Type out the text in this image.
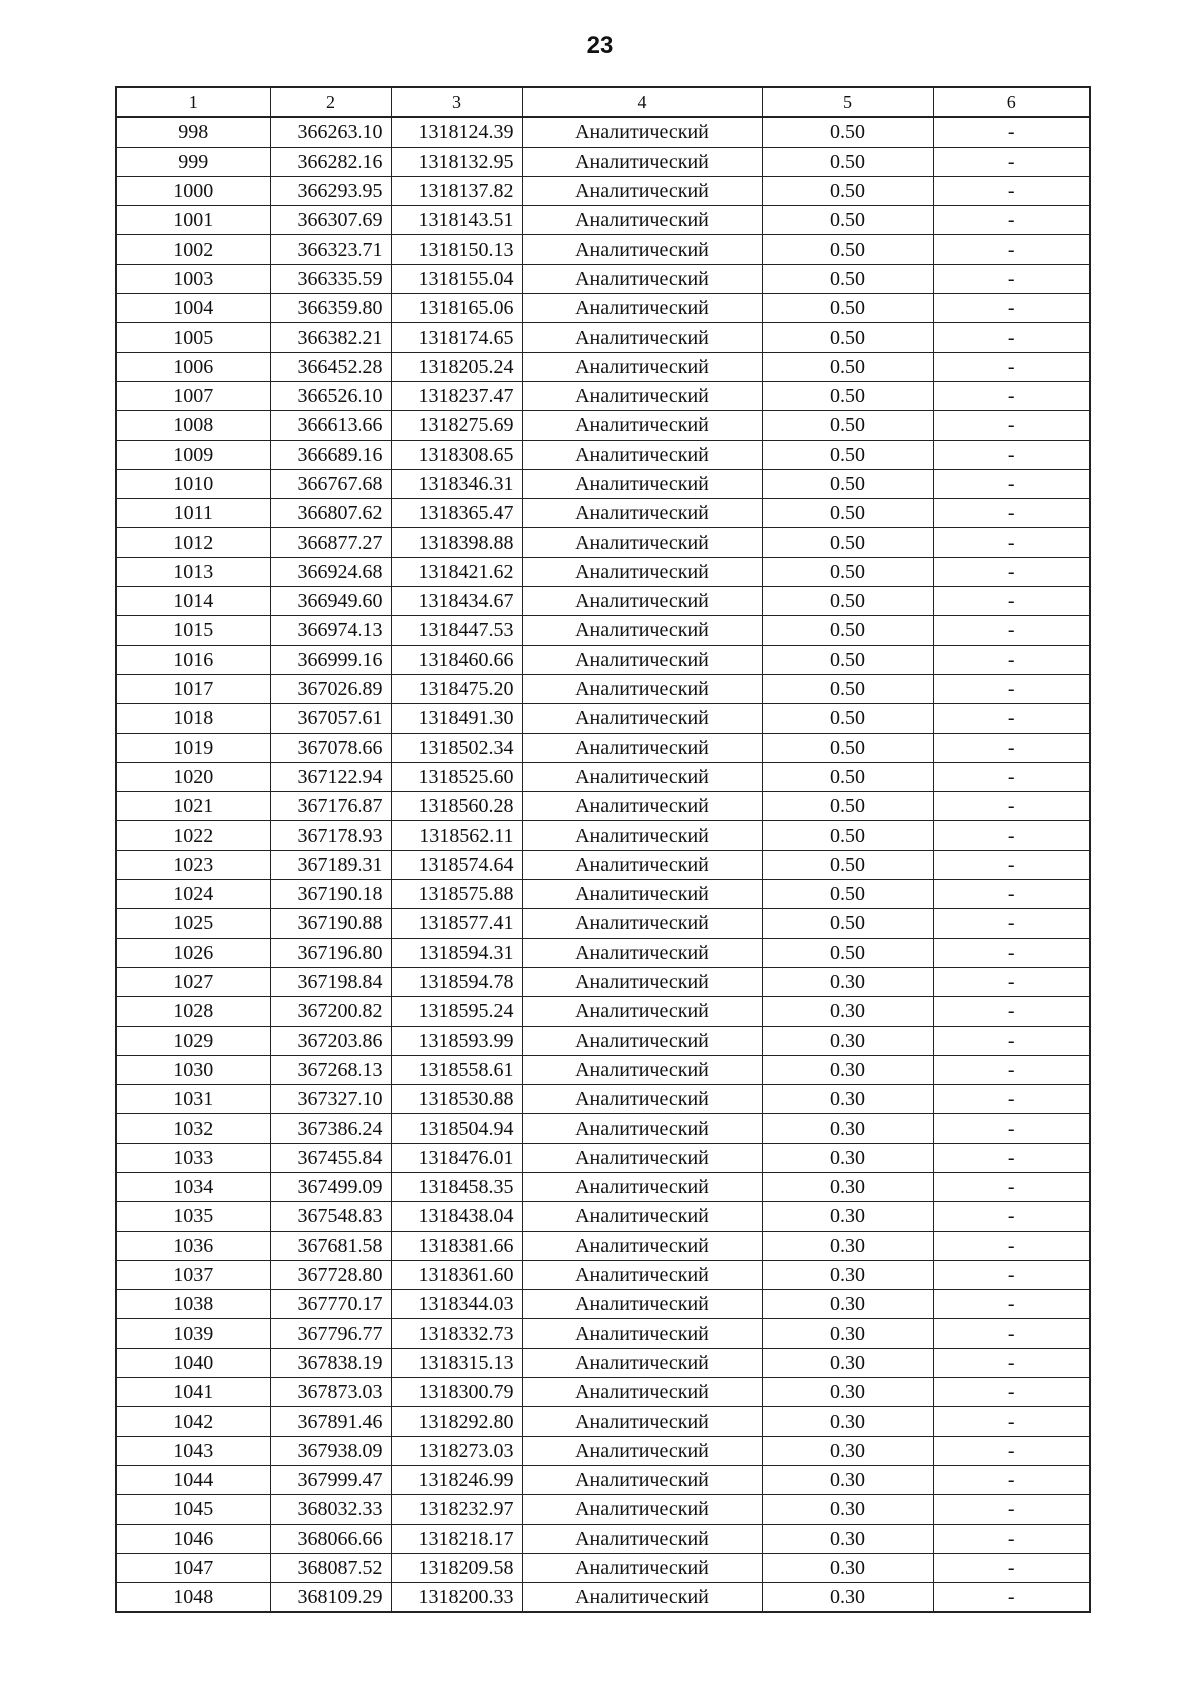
23
1	2	3	4	5	6
998	366263.10	1318124.39	Аналитический	0.50	-
999	366282.16	1318132.95	Аналитический	0.50	-
1000	366293.95	1318137.82	Аналитический	0.50	-
1001	366307.69	1318143.51	Аналитический	0.50	-
1002	366323.71	1318150.13	Аналитический	0.50	-
1003	366335.59	1318155.04	Аналитический	0.50	-
1004	366359.80	1318165.06	Аналитический	0.50	-
1005	366382.21	1318174.65	Аналитический	0.50	-
1006	366452.28	1318205.24	Аналитический	0.50	-
1007	366526.10	1318237.47	Аналитический	0.50	-
1008	366613.66	1318275.69	Аналитический	0.50	-
1009	366689.16	1318308.65	Аналитический	0.50	-
1010	366767.68	1318346.31	Аналитический	0.50	-
1011	366807.62	1318365.47	Аналитический	0.50	-
1012	366877.27	1318398.88	Аналитический	0.50	-
1013	366924.68	1318421.62	Аналитический	0.50	-
1014	366949.60	1318434.67	Аналитический	0.50	-
1015	366974.13	1318447.53	Аналитический	0.50	-
1016	366999.16	1318460.66	Аналитический	0.50	-
1017	367026.89	1318475.20	Аналитический	0.50	-
1018	367057.61	1318491.30	Аналитический	0.50	-
1019	367078.66	1318502.34	Аналитический	0.50	-
1020	367122.94	1318525.60	Аналитический	0.50	-
1021	367176.87	1318560.28	Аналитический	0.50	-
1022	367178.93	1318562.11	Аналитический	0.50	-
1023	367189.31	1318574.64	Аналитический	0.50	-
1024	367190.18	1318575.88	Аналитический	0.50	-
1025	367190.88	1318577.41	Аналитический	0.50	-
1026	367196.80	1318594.31	Аналитический	0.50	-
1027	367198.84	1318594.78	Аналитический	0.30	-
1028	367200.82	1318595.24	Аналитический	0.30	-
1029	367203.86	1318593.99	Аналитический	0.30	-
1030	367268.13	1318558.61	Аналитический	0.30	-
1031	367327.10	1318530.88	Аналитический	0.30	-
1032	367386.24	1318504.94	Аналитический	0.30	-
1033	367455.84	1318476.01	Аналитический	0.30	-
1034	367499.09	1318458.35	Аналитический	0.30	-
1035	367548.83	1318438.04	Аналитический	0.30	-
1036	367681.58	1318381.66	Аналитический	0.30	-
1037	367728.80	1318361.60	Аналитический	0.30	-
1038	367770.17	1318344.03	Аналитический	0.30	-
1039	367796.77	1318332.73	Аналитический	0.30	-
1040	367838.19	1318315.13	Аналитический	0.30	-
1041	367873.03	1318300.79	Аналитический	0.30	-
1042	367891.46	1318292.80	Аналитический	0.30	-
1043	367938.09	1318273.03	Аналитический	0.30	-
1044	367999.47	1318246.99	Аналитический	0.30	-
1045	368032.33	1318232.97	Аналитический	0.30	-
1046	368066.66	1318218.17	Аналитический	0.30	-
1047	368087.52	1318209.58	Аналитический	0.30	-
1048	368109.29	1318200.33	Аналитический	0.30	-
